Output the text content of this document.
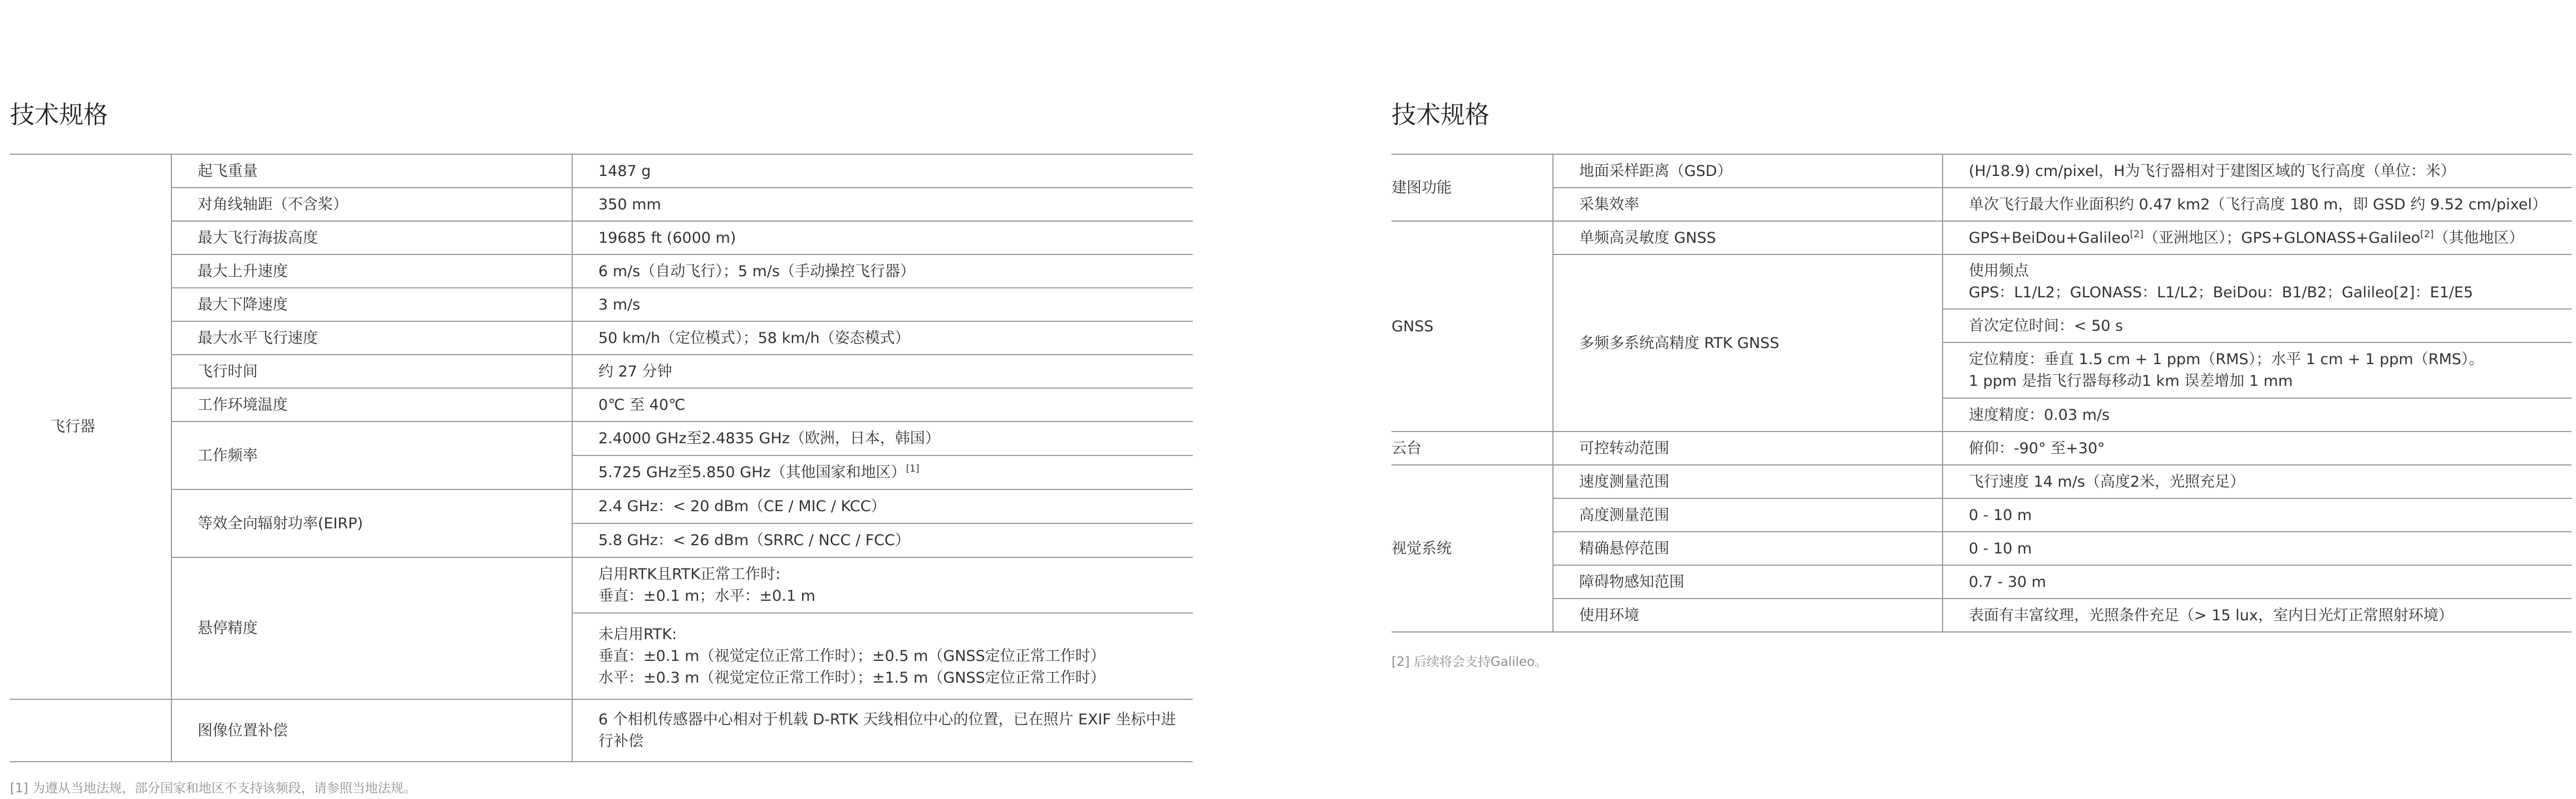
技术规格
飞行器	起飞重量	1487 g
	对角线轴距（不含桨）	350 mm
	最大飞行海拔高度	19685 ft (6000 m)
	最大上升速度	6 m/s（自动飞行）；5 m/s（手动操控飞行器）
	最大下降速度	3 m/s
	最大水平飞行速度	50 km/h（定位模式）；58 km/h（姿态模式）
	飞行时间	约 27 分钟
	工作环境温度	0℃ 至 40℃
	工作频率	2.4000 GHz至2.4835 GHz（欧洲，日本，韩国）
		5.725 GHz至5.850 GHz（其他国家和地区）[1]
	等效全向辐射功率(EIRP)	2.4 GHz：< 20 dBm（CE / MIC / KCC）
		5.8 GHz：< 26 dBm（SRRC / NCC / FCC）
	悬停精度	启用RTK且RTK正常工作时:
垂直：±0.1 m；水平：±0.1 m

		未启用RTK:
垂直：±0.1 m（视觉定位正常工作时）；±0.5 m（GNSS定位正常工作时）
水平：±0.3 m（视觉定位正常工作时）；±1.5 m（GNSS定位正常工作时）

	图像位置补偿	6 个相机传感器中心相对于机载 D-RTK 天线相位中心的位置，已在照片 EXIF 坐标中进
行补偿
[1] 为遵从当地法规，部分国家和地区不支持该频段，请参照当地法规。
技术规格
建图功能	地面采样距离（GSD）	(H/18.9) cm/pixel，H为飞行器相对于建图区域的飞行高度（单位：米）
	采集效率	单次飞行最大作业面积约 0.47 km2（飞行高度 180 m，即 GSD 约 9.52 cm/pixel）
GNSS	单频高灵敏度 GNSS	GPS+BeiDou+Galileo[2]（亚洲地区）；GPS+GLONASS+Galileo[2]（其他地区）
	多频多系统高精度 RTK GNSS	使用频点
GPS：L1/L2；GLONASS：L1/L2；BeiDou：B1/B2；Galileo[2]：E1/E5

		首次定位时间：< 50 s

		定位精度：垂直 1.5 cm + 1 ppm（RMS）；水平 1 cm + 1 ppm（RMS）。
1 ppm 是指飞行器每移动1 km 误差增加 1 mm

		速度精度：0.03 m/s
云台	可控转动范围	俯仰：-90° 至+30°
视觉系统	速度测量范围	飞行速度 14 m/s（高度2米，光照充足）
	高度测量范围	0 - 10 m
	精确悬停范围	0 - 10 m
	障碍物感知范围	0.7 - 30 m
	使用环境	表面有丰富纹理，光照条件充足（> 15 lux，室内日光灯正常照射环境）
[2] 后续将会支持Galileo。
